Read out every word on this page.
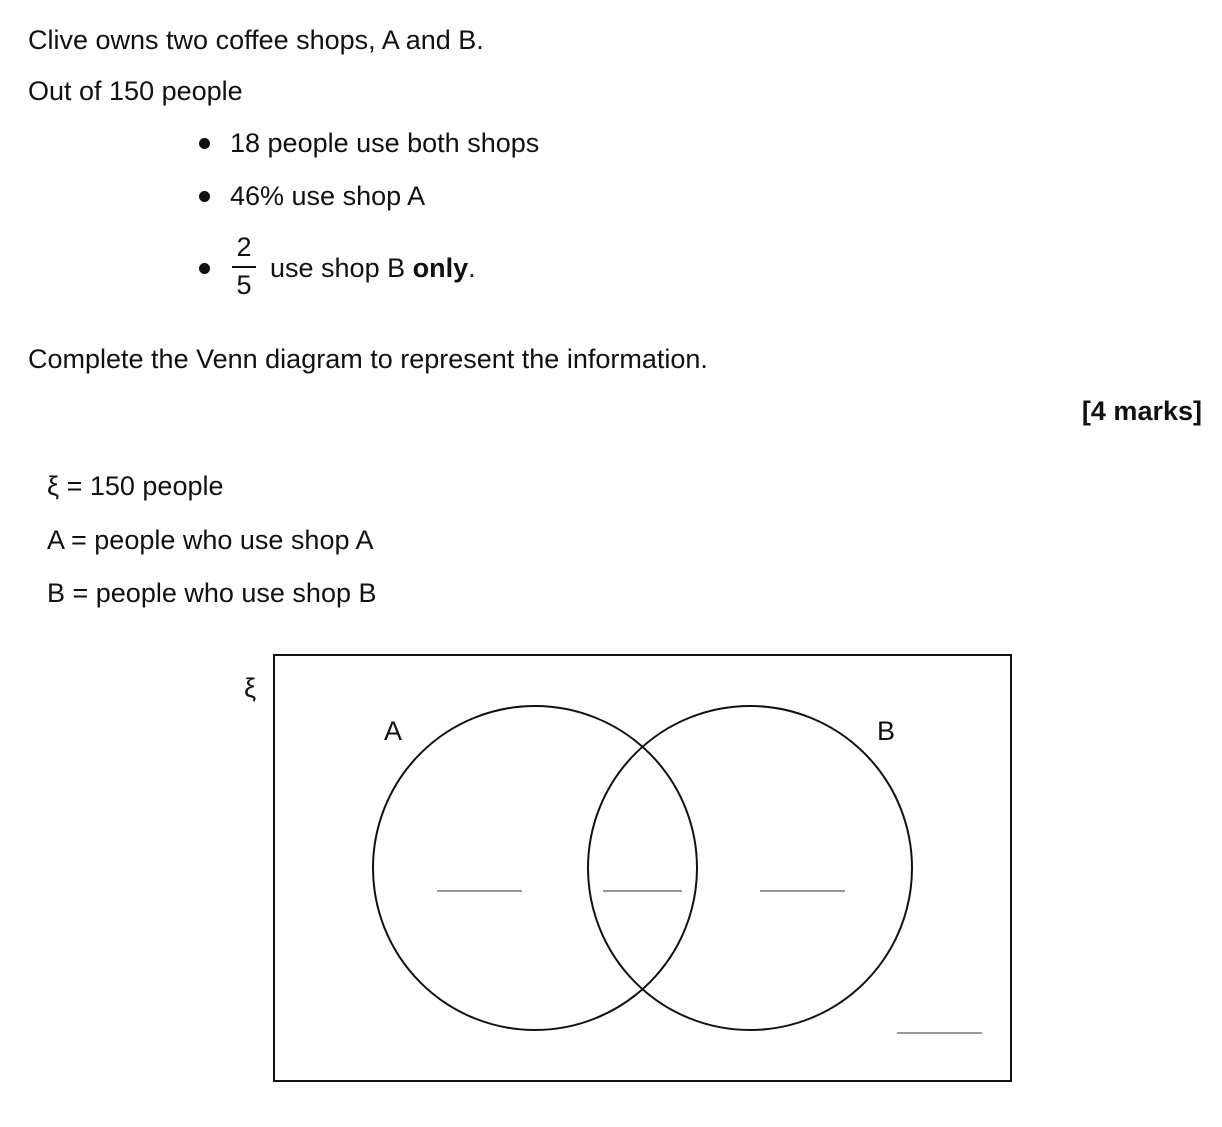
Clive owns two coffee shops, A and B.
Out of 150 people
18 people use both shops
46% use shop A
2
5
use shop B only.
Complete the Venn diagram to represent the information.
[4 marks]
ξ = 150 people
A = people who use shop A
B = people who use shop B
ξ
A	B
